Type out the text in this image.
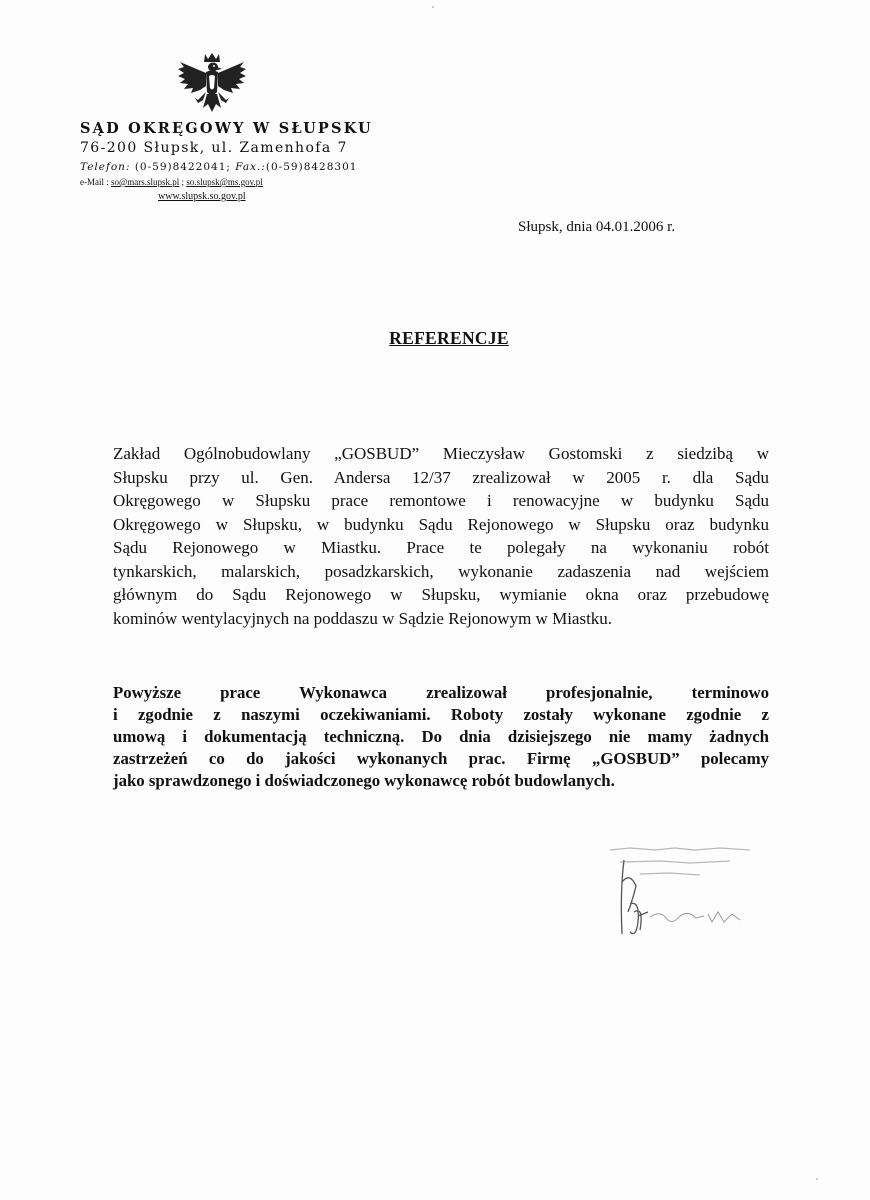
SĄD OKRĘGOWY W SŁUPSKU
76-200 Słupsk, ul. Zamenhofa 7
Telefon: (0-59)8422041; Fax.:(0-59)8428301
e-Mail : so@mars.slupsk.pl ; so.slupsk@ms.gov.pl
www.slupsk.so.gov.pl
Słupsk, dnia 04.01.2006 r.
REFERENCJE
Zakład Ogólnobudowlany „GOSBUD” Mieczysław Gostomski z siedzibą w
Słupsku przy ul. Gen. Andersa 12/37 zrealizował w 2005 r. dla Sądu
Okręgowego w Słupsku prace remontowe i renowacyjne w budynku Sądu
Okręgowego w Słupsku, w budynku Sądu Rejonowego w Słupsku oraz budynku
Sądu Rejonowego w Miastku. Prace te polegały na wykonaniu robót
tynkarskich, malarskich, posadzkarskich, wykonanie zadaszenia nad wejściem
głównym do Sądu Rejonowego w Słupsku, wymianie okna oraz przebudowę
kominów wentylacyjnych na poddaszu w Sądzie Rejonowym w Miastku.
Powyższe prace Wykonawca zrealizował profesjonalnie, terminowo
i zgodnie z naszymi oczekiwaniami. Roboty zostały wykonane zgodnie z
umową i dokumentacją techniczną. Do dnia dzisiejszego nie mamy żadnych
zastrzeżeń co do jakości wykonanych prac. Firmę „GOSBUD” polecamy
jako sprawdzonego i doświadczonego wykonawcę robót budowlanych.
